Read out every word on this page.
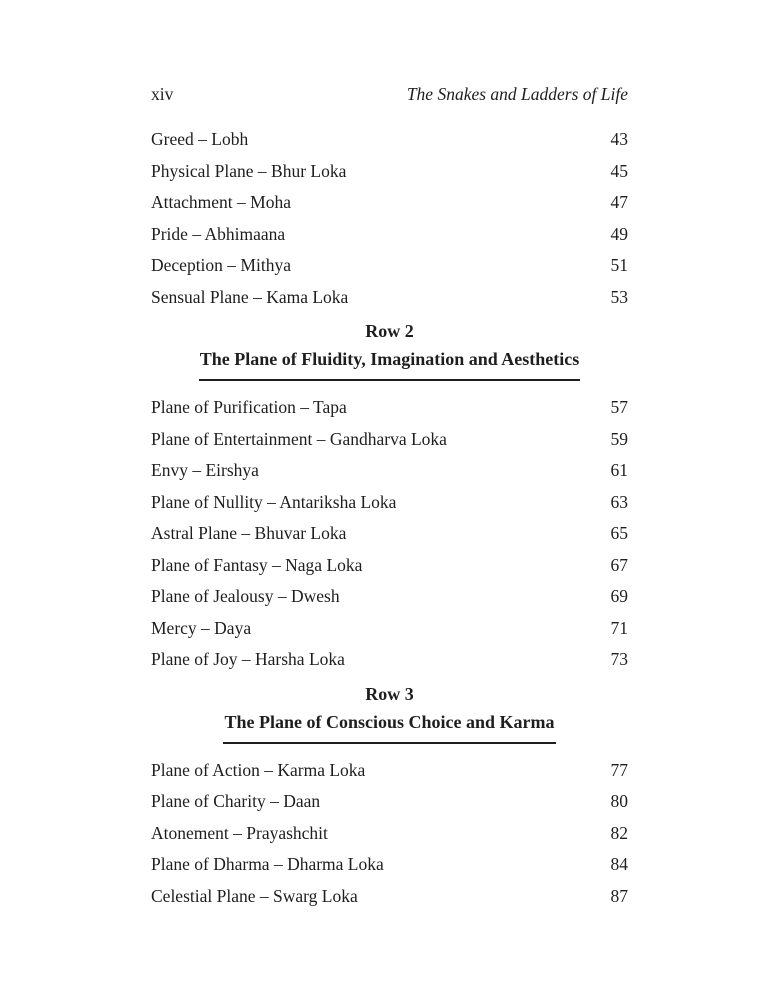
xiv	The Snakes and Ladders of Life
Greed – Lobh	43
Physical Plane – Bhur Loka	45
Attachment – Moha	47
Pride – Abhimaana	49
Deception – Mithya	51
Sensual Plane – Kama Loka	53
Row 2
The Plane of Fluidity, Imagination and Aesthetics
Plane of Purification – Tapa	57
Plane of Entertainment – Gandharva Loka	59
Envy – Eirshya	61
Plane of Nullity – Antariksha Loka	63
Astral Plane – Bhuvar Loka	65
Plane of Fantasy – Naga Loka	67
Plane of Jealousy – Dwesh	69
Mercy – Daya	71
Plane of Joy – Harsha Loka	73
Row 3
The Plane of Conscious Choice and Karma
Plane of Action – Karma Loka	77
Plane of Charity – Daan	80
Atonement – Prayashchit	82
Plane of Dharma – Dharma Loka	84
Celestial Plane – Swarg Loka	87
